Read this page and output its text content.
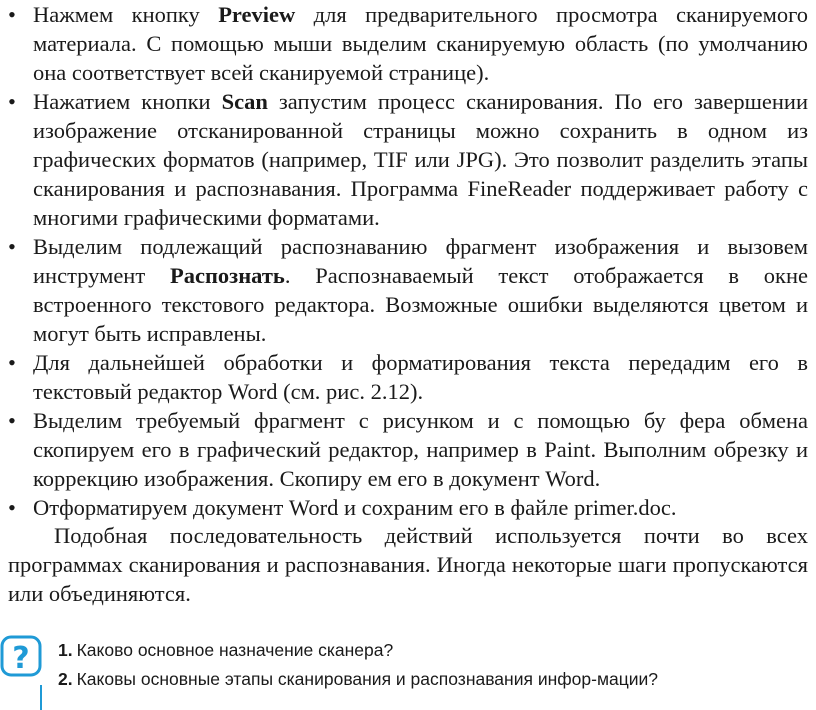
• Нажмем кнопку Preview для предварительного просмотра сканируемого материала. С помощью мыши выделим сканируемую область (по умолчанию она соответствует всей сканируемой странице).
• Нажатием кнопки Scan запустим процесс сканирования. По его завершении изображение отсканированной страницы можно сохранить в одном из графических форматов (например, TIF или JPG). Это позволит разделить этапы сканирования и распознавания. Программа FineReader поддерживает работу с многими графическими форматами.
• Выделим подлежащий распознаванию фрагмент изображения и вызовем инструмент Распознать. Распознаваемый текст отображается в окне встроенного текстового редактора. Возможные ошибки выделяются цветом и могут быть исправлены.
• Для дальнейшей обработки и форматирования текста передадим его в текстовый редактор Word (см. рис. 2.12).
• Выделим требуемый фрагмент с рисунком и с помощью бу фера обмена скопируем его в графический редактор, например в Paint. Выполним обрезку и коррекцию изображения. Скопиру ем его в документ Word.
• Отформатируем документ Word и сохраним его в файле primer.doc.

Подобная последовательность действий используется почти во всех программах сканирования и распознавания. Иногда некоторые шаги пропускаются или объединяются.

? 1. Каково основное назначение сканера?
2. Каковы основные этапы сканирования и распознавания инфор-мации?
